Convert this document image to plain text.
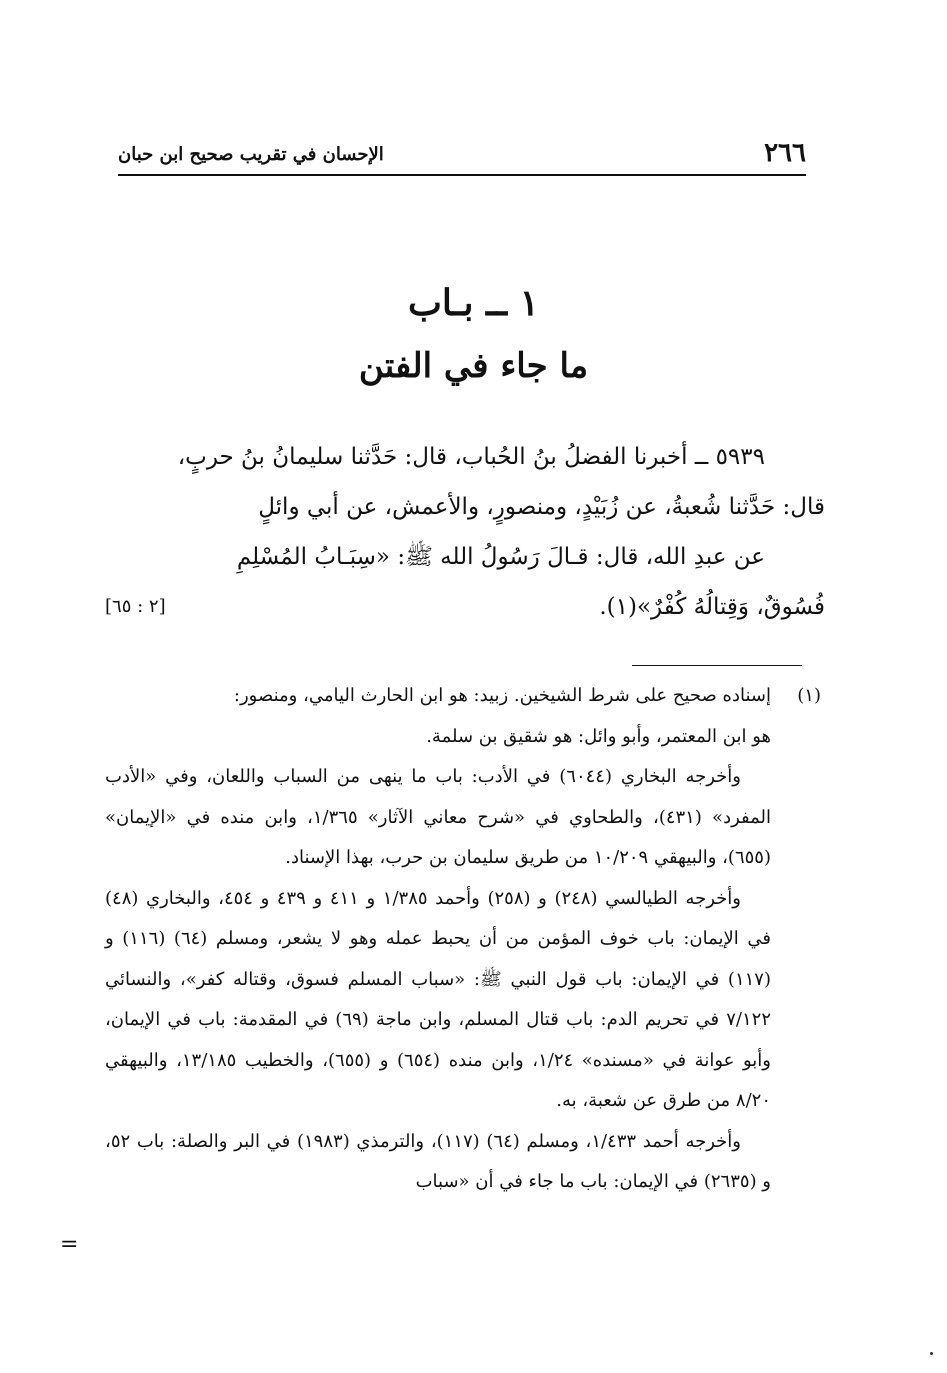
٢٦٦
الإحسان في تقريب صحيح ابن حبان
١ ــ بـاب
ما جاء في الفتن

٥٩٣٩ ــ أخبرنا الفضلُ بنُ الحُباب، قال: حَدَّثنا سليمانُ بنُ حربٍ،

قال: حَدَّثنا شُعبةُ، عن زُبَيْدٍ، ومنصورٍ، والأعمش، عن أبي وائلٍ

عن عبدِ الله، قال: قـالَ رَسُولُ الله ﷺ: «سِبَـابُ المُسْلِمِ

فُسُوقٌ، وَقِتالُهُ كُفْرٌ»(١).
[٢ : ٦٥]
(١)
إسناده صحيح على شرط الشيخين. زبيد: هو ابن الحارث اليامي، ومنصور:

هو ابن المعتمر، وأبو وائل: هو شقيق بن سلمة.

وأخرجه البخاري (٦٠٤٤) في الأدب: باب ما ينهى من السباب واللعان، وفي «الأدب المفرد» (٤٣١)، والطحاوي في «شرح معاني الآثار» ١/٣٦٥، وابن منده في «الإيمان» (٦٥٥)، والبيهقي ١٠/٢٠٩ من طريق سليمان بن حرب، بهذا الإسناد.

وأخرجه الطيالسي (٢٤٨) و (٢٥٨) وأحمد ١/٣٨٥ و ٤١١ و ٤٣٩ و ٤٥٤، والبخاري (٤٨) في الإيمان: باب خوف المؤمن من أن يحبط عمله وهو لا يشعر، ومسلم (٦٤) (١١٦) و (١١٧) في الإيمان: باب قول النبي ﷺ: «سباب المسلم فسوق، وقتاله كفر»، والنسائي ٧/١٢٢ في تحريم الدم: باب قتال المسلم، وابن ماجة (٦٩) في المقدمة: باب في الإيمان، وأبو عوانة في «مسنده» ١/٢٤، وابن منده (٦٥٤) و (٦٥٥)، والخطيب ١٣/١٨٥، والبيهقي ٨/٢٠ من طرق عن شعبة، به.

وأخرجه أحمد ١/٤٣٣، ومسلم (٦٤) (١١٧)، والترمذي (١٩٨٣) في البر والصلة: باب ٥٢، و (٢٦٣٥) في الإيمان: باب ما جاء في أن «سباب

=
